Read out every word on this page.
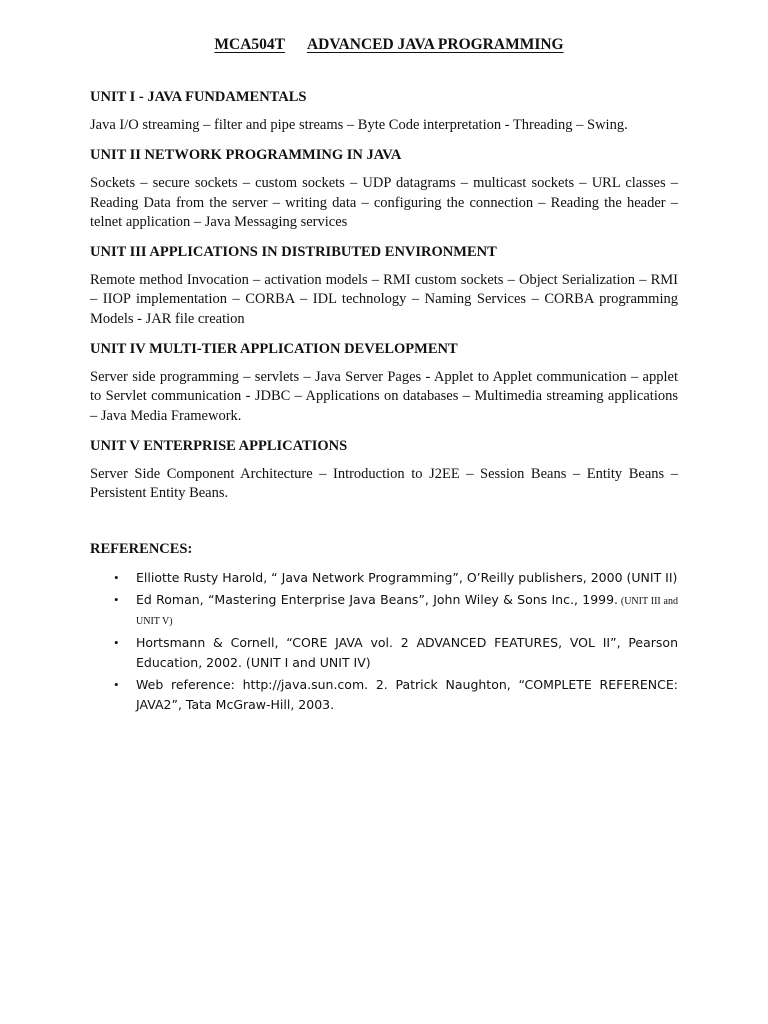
MCA504T ADVANCED JAVA PROGRAMMING

UNIT I - JAVA FUNDAMENTALS

Java I/O streaming – filter and pipe streams – Byte Code interpretation - Threading – Swing.

UNIT II NETWORK PROGRAMMING IN JAVA

Sockets – secure sockets – custom sockets – UDP datagrams – multicast sockets – URL classes – Reading Data from the server – writing data – configuring the connection – Reading the header – telnet application – Java Messaging services

UNIT III APPLICATIONS IN DISTRIBUTED ENVIRONMENT

Remote method Invocation – activation models – RMI custom sockets – Object Serialization – RMI – IIOP implementation – CORBA – IDL technology – Naming Services – CORBA programming Models - JAR file creation

UNIT IV MULTI-TIER APPLICATION DEVELOPMENT

Server side programming – servlets – Java Server Pages - Applet to Applet communication – applet to Servlet communication - JDBC – Applications on databases – Multimedia streaming applications – Java Media Framework.

UNIT V ENTERPRISE APPLICATIONS

Server Side Component Architecture – Introduction to J2EE – Session Beans – Entity Beans – Persistent Entity Beans.

REFERENCES:

• Elliotte Rusty Harold, “ Java Network Programming”, O’Reilly publishers, 2000 (UNIT II)
• Ed Roman, “Mastering Enterprise Java Beans”, John Wiley & Sons Inc., 1999. (UNIT III and UNIT V)
• Hortsmann & Cornell, “CORE JAVA vol. 2 ADVANCED FEATURES, VOL II”, Pearson Education, 2002. (UNIT I and UNIT IV)
• Web reference: http://java.sun.com. 2. Patrick Naughton, “COMPLETE REFERENCE: JAVA2”, Tata McGraw-Hill, 2003.
